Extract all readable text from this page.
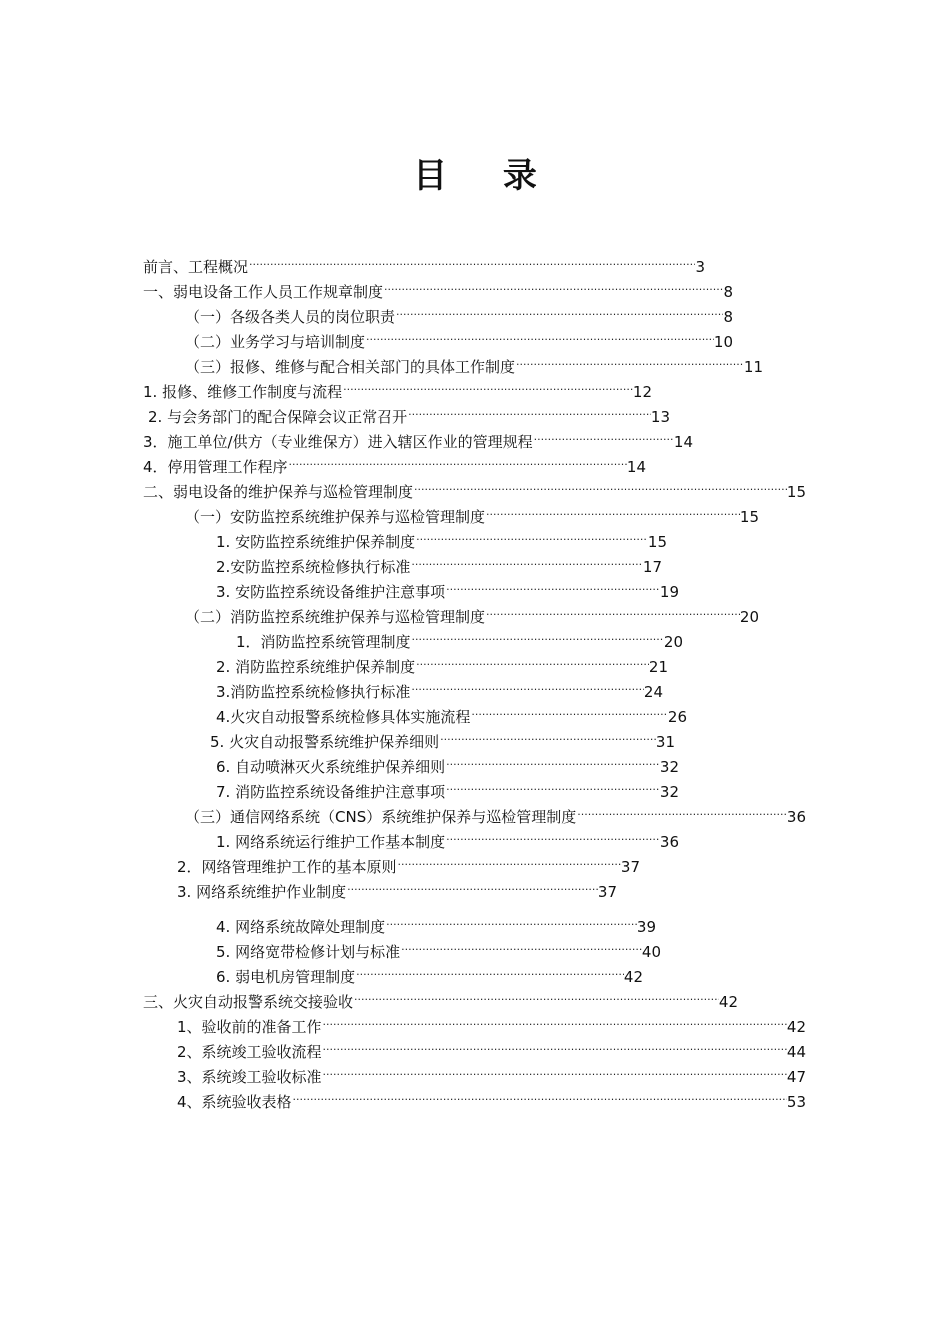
目 录
前言、工程概况 .....	3
一、弱电设备工作人员工作规章制度 .....	8
（一）各级各类人员的岗位职责 .....	8
（二）业务学习与培训制度 .....	10
（三）报修、维修与配合相关部门的具体工作制度 .....	11
1. 报修、维修工作制度与流程 .....	12
2. 与会务部门的配合保障会议正常召开 .....	13
3．施工单位/供方（专业维保方）进入辖区作业的管理规程 .....	14
4．停用管理工作程序 .....	14
二、弱电设备的维护保养与巡检管理制度 .....	15
（一）安防监控系统维护保养与巡检管理制度 .....	15
1. 安防监控系统维护保养制度 .....	15
2.安防监控系统检修执行标准 .....	17
3. 安防监控系统设备维护注意事项 .....	19
（二）消防监控系统维护保养与巡检管理制度 .....	20
1．消防监控系统管理制度 .....	20
2. 消防监控系统维护保养制度 .....	21
3.消防监控系统检修执行标准 .....	24
4.火灾自动报警系统检修具体实施流程 .....	26
5. 火灾自动报警系统维护保养细则 .....	31
6. 自动喷淋灭火系统维护保养细则 .....	32
7. 消防监控系统设备维护注意事项 .....	32
（三）通信网络系统（CNS）系统维护保养与巡检管理制度 .....	36
1. 网络系统运行维护工作基本制度 .....	36
2．网络管理维护工作的基本原则 .....	37
3. 网络系统维护作业制度 .....	37
4. 网络系统故障处理制度 .....	39
5. 网络宽带检修计划与标准 .....	40
6. 弱电机房管理制度 .....	42
三、火灾自动报警系统交接验收 .....	42
1、验收前的准备工作 .....	42
2、系统竣工验收流程 .....	44
3、系统竣工验收标准 .....	47
4、系统验收表格 .....	53
